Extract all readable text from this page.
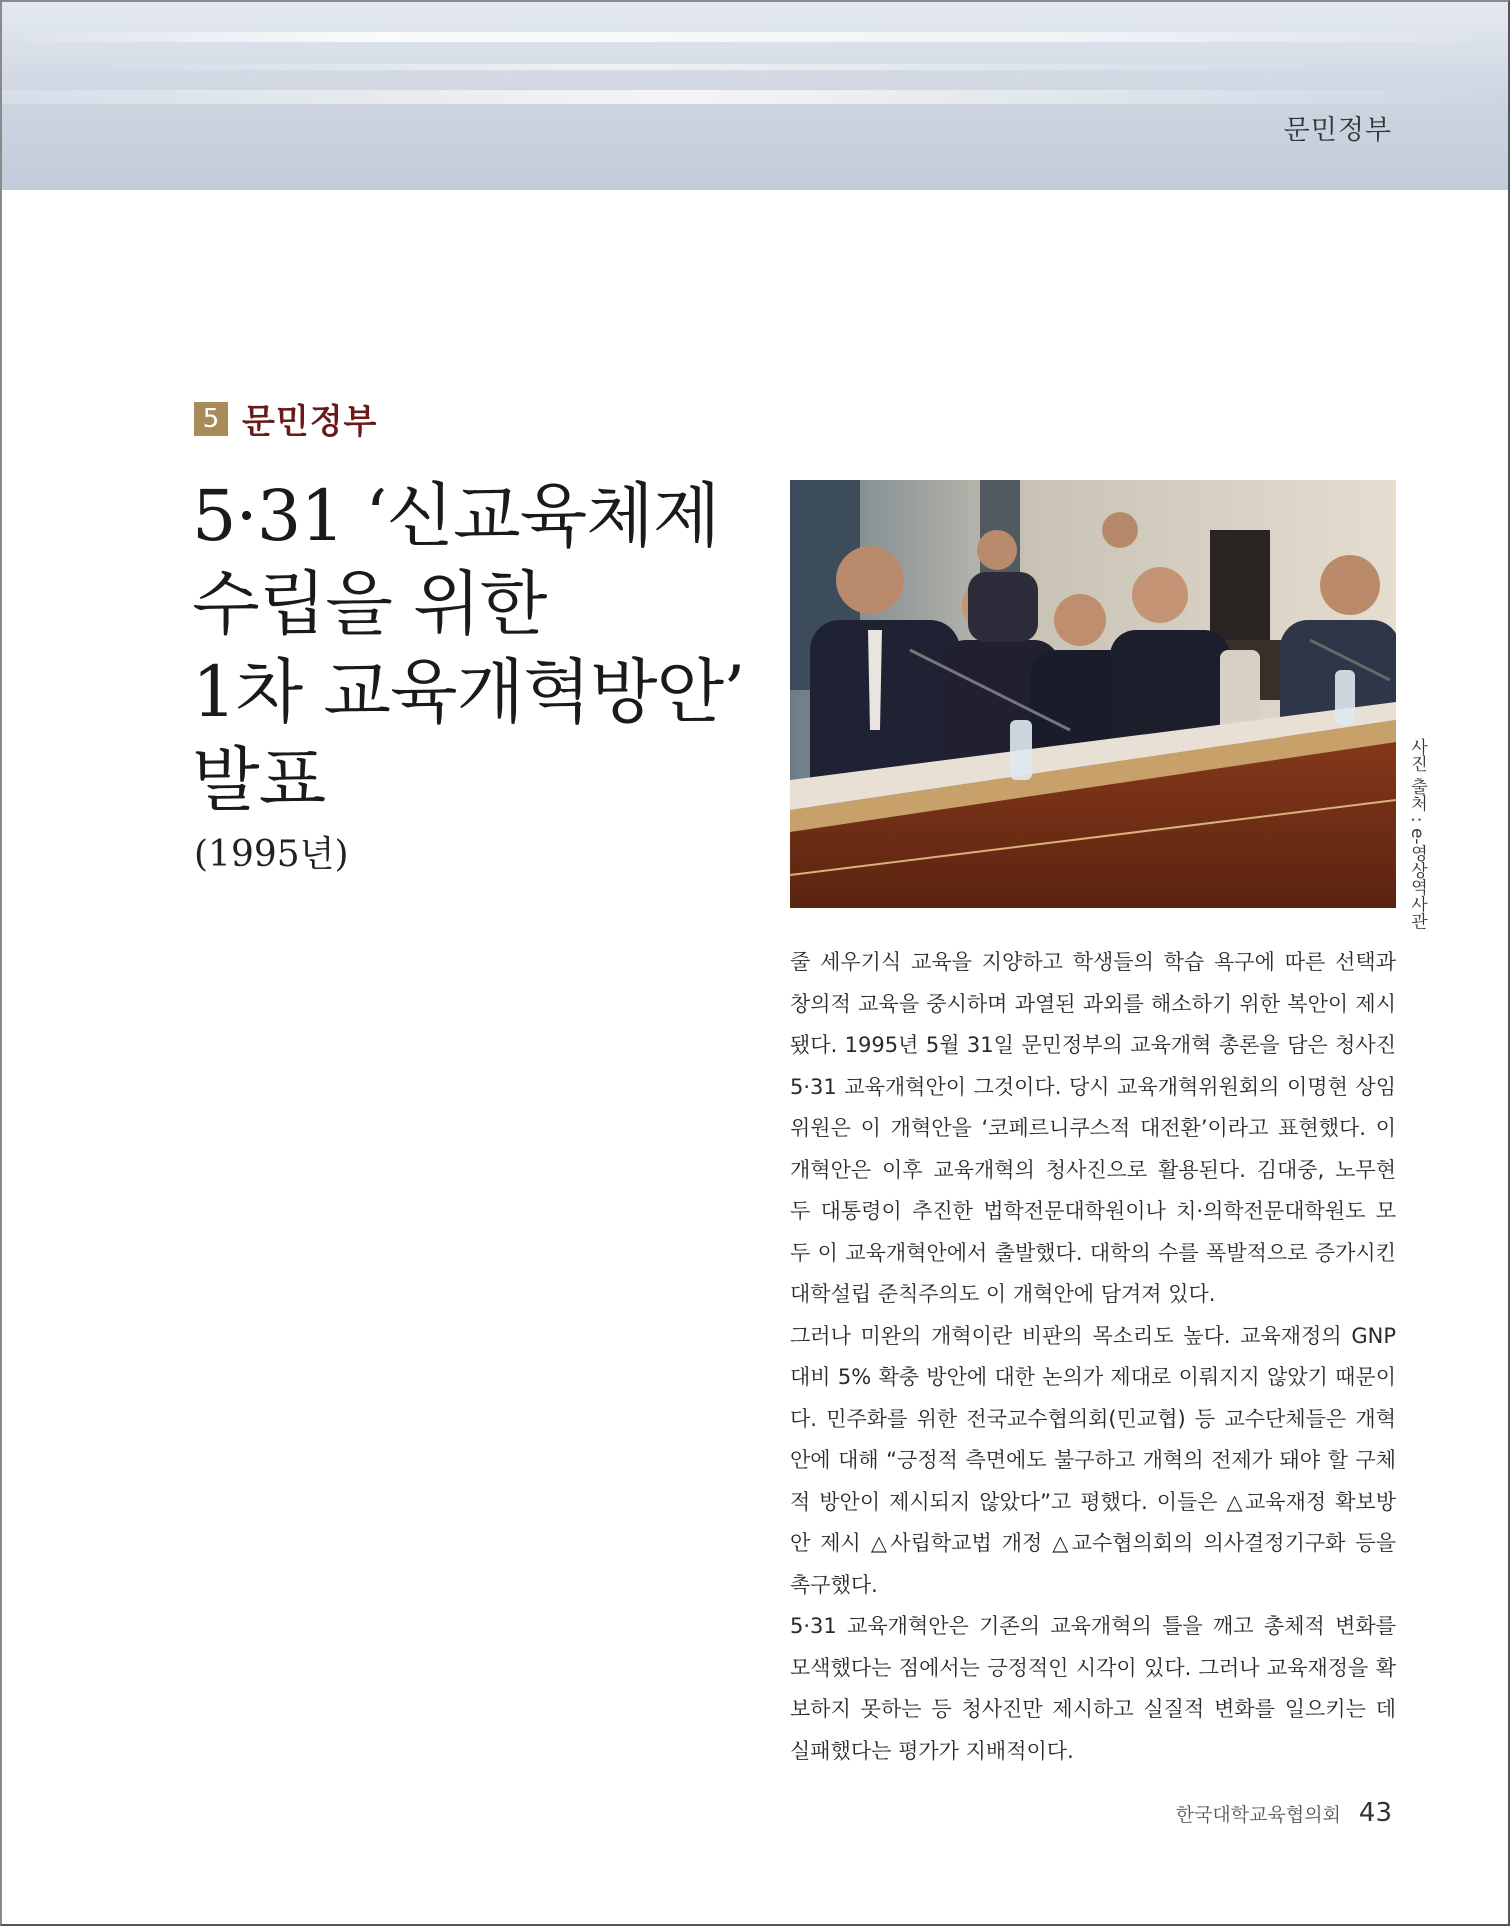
문민정부
5 문민정부
5·31 ‘신교육체제
수립을 위한
1차 교육개혁방안’
발표
(1995년)	사진 출처 : e-영상역사관

줄 세우기식 교육을 지양하고 학생들의 학습 욕구에 따른 선택과 창의적 교육을 중시하며 과열된 과외를 해소하기 위한 복안이 제시됐다. 1995년 5월 31일 문민정부의 교육개혁 총론을 담은 청사진 5·31 교육개혁안이 그것이다. 당시 교육개혁위원회의 이명현 상임위원은 이 개혁안을 ‘코페르니쿠스적 대전환’이라고 표현했다. 이 개혁안은 이후 교육개혁의 청사진으로 활용된다. 김대중, 노무현 두 대통령이 추진한 법학전문대학원이나 치·의학전문대학원도 모두 이 교육개혁안에서 출발했다. 대학의 수를 폭발적으로 증가시킨 대학설립 준칙주의도 이 개혁안에 담겨져 있다.

그러나 미완의 개혁이란 비판의 목소리도 높다. 교육재정의 GNP 대비 5% 확충 방안에 대한 논의가 제대로 이뤄지지 않았기 때문이다. 민주화를 위한 전국교수협의회(민교협) 등 교수단체들은 개혁안에 대해 “긍정적 측면에도 불구하고 개혁의 전제가 돼야 할 구체적 방안이 제시되지 않았다”고 평했다. 이들은 △교육재정 확보방안 제시 △사립학교법 개정 △교수협의회의 의사결정기구화 등을 촉구했다.

5·31 교육개혁안은 기존의 교육개혁의 틀을 깨고 총체적 변화를 모색했다는 점에서는 긍정적인 시각이 있다. 그러나 교육재정을 확보하지 못하는 등 청사진만 제시하고 실질적 변화를 일으키는 데 실패했다는 평가가 지배적이다.

한국대학교육협의회 43
